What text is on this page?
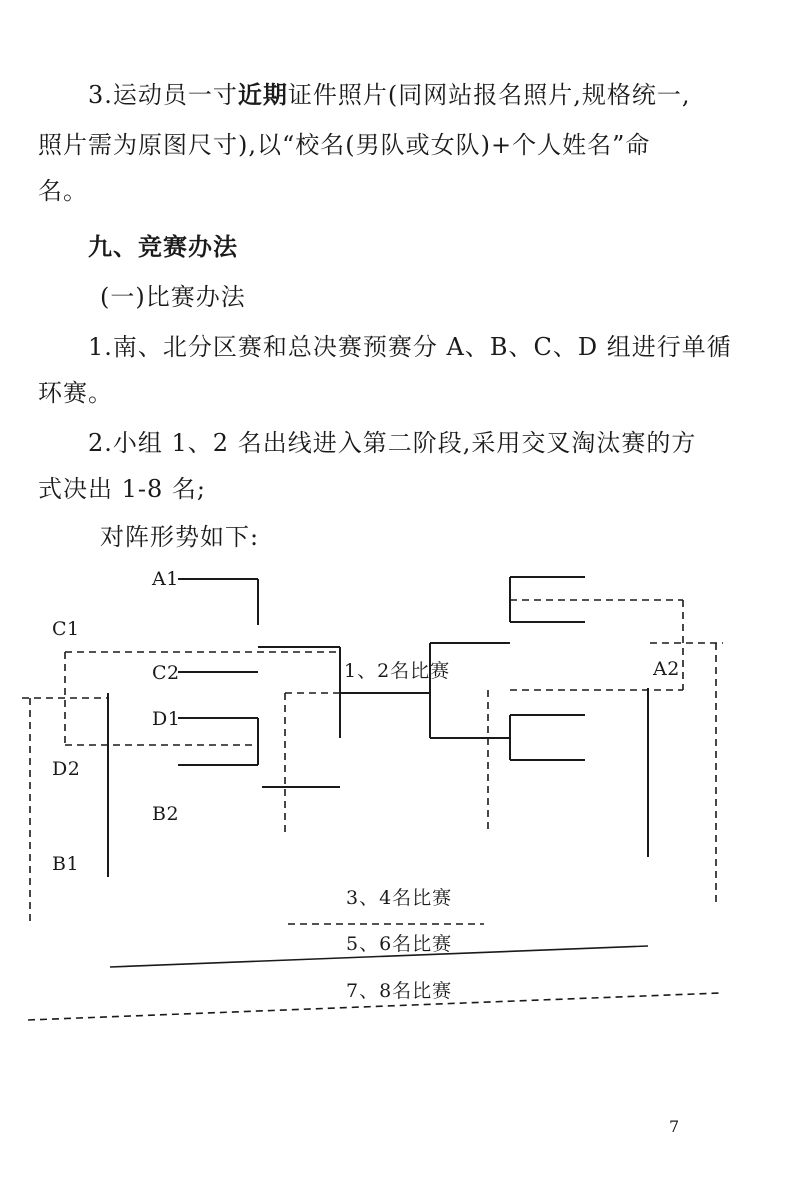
3.运动员一寸近期证件照片(同网站报名照片,规格统一,
照片需为原图尺寸),以“校名(男队或女队)+个人姓名”命
名。
九、竞赛办法
(一)比赛办法
1.南、北分区赛和总决赛预赛分 A、B、C、D 组进行单循
环赛。
2.小组 1、2 名出线进入第二阶段,采用交叉淘汰赛的方
式决出 1-8 名;
对阵形势如下:
A1
C1
C2
D1
D2
B2
B1
A2
1、2名比赛
3、4名比赛
5、6名比赛
7、8名比赛
7
